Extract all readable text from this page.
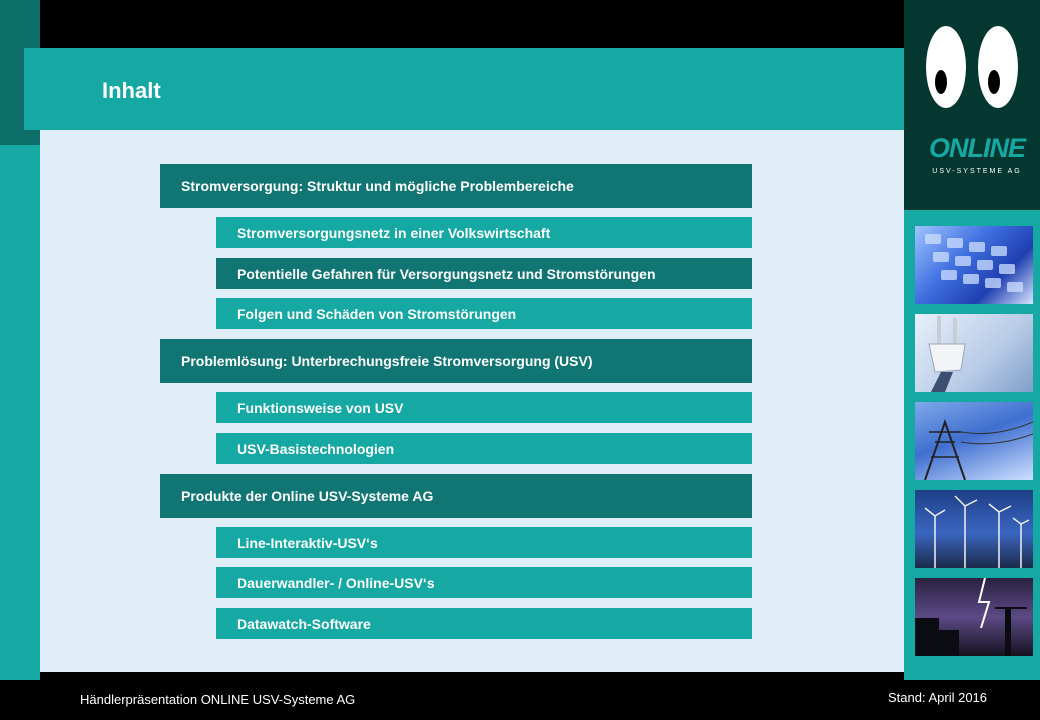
Inhalt
ONLINE
USV-SYSTEME AG
Stromversorgung: Struktur und mögliche Problembereiche
Stromversorgungsnetz in einer Volkswirtschaft
Potentielle Gefahren für Versorgungsnetz und Stromstörungen
Folgen und Schäden von Stromstörungen
Problemlösung: Unterbrechungsfreie Stromversorgung (USV)
Funktionsweise von USV
USV-Basistechnologien
Produkte der Online USV-Systeme AG
Line-Interaktiv-USV‘s
Dauerwandler- / Online-USV‘s
Datawatch-Software
Händlerpräsentation ONLINE USV-Systeme AG	Stand: April 2016
